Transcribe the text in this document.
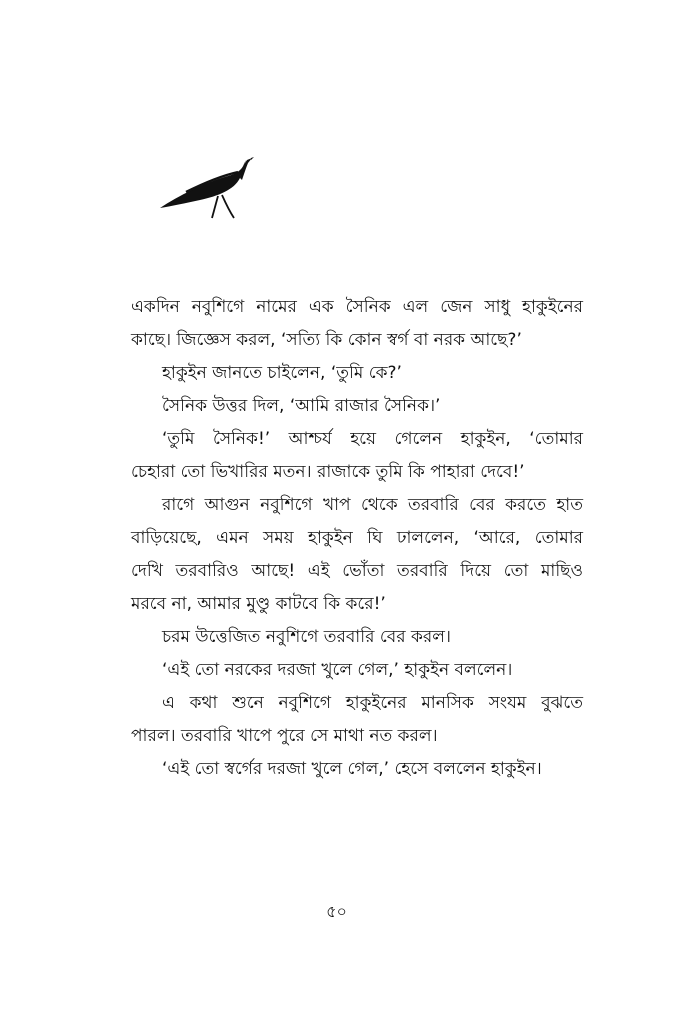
একদিন নবুশিগে নামের এক সৈনিক এল জেন সাধু হাকুইনের
কাছে। জিজ্ঞেস করল, ‘সত্যি কি কোন স্বর্গ বা নরক আছে?’
হাকুইন জানতে চাইলেন, ‘তুমি কে?’
সৈনিক উত্তর দিল, ‘আমি রাজার সৈনিক।’
‘তুমি সৈনিক!’ আশ্চর্য হয়ে গেলেন হাকুইন, ‘তোমার
চেহারা তো ভিখারির মতন। রাজাকে তুমি কি পাহারা দেবে!’
রাগে আগুন নবুশিগে খাপ থেকে তরবারি বের করতে হাত
বাড়িয়েছে, এমন সময় হাকুইন ঘি ঢাললেন, ‘আরে, তোমার
দেখি তরবারিও আছে! এই ভোঁতা তরবারি দিয়ে তো মাছিও
মরবে না, আমার মুণ্ডু কাটবে কি করে!’
চরম উত্তেজিত নবুশিগে তরবারি বের করল।
‘এই তো নরকের দরজা খুলে গেল,’ হাকুইন বললেন।
এ কথা শুনে নবুশিগে হাকুইনের মানসিক সংযম বুঝতে
পারল। তরবারি খাপে পুরে সে মাথা নত করল।
‘এই তো স্বর্গের দরজা খুলে গেল,’ হেসে বললেন হাকুইন।
৫০
